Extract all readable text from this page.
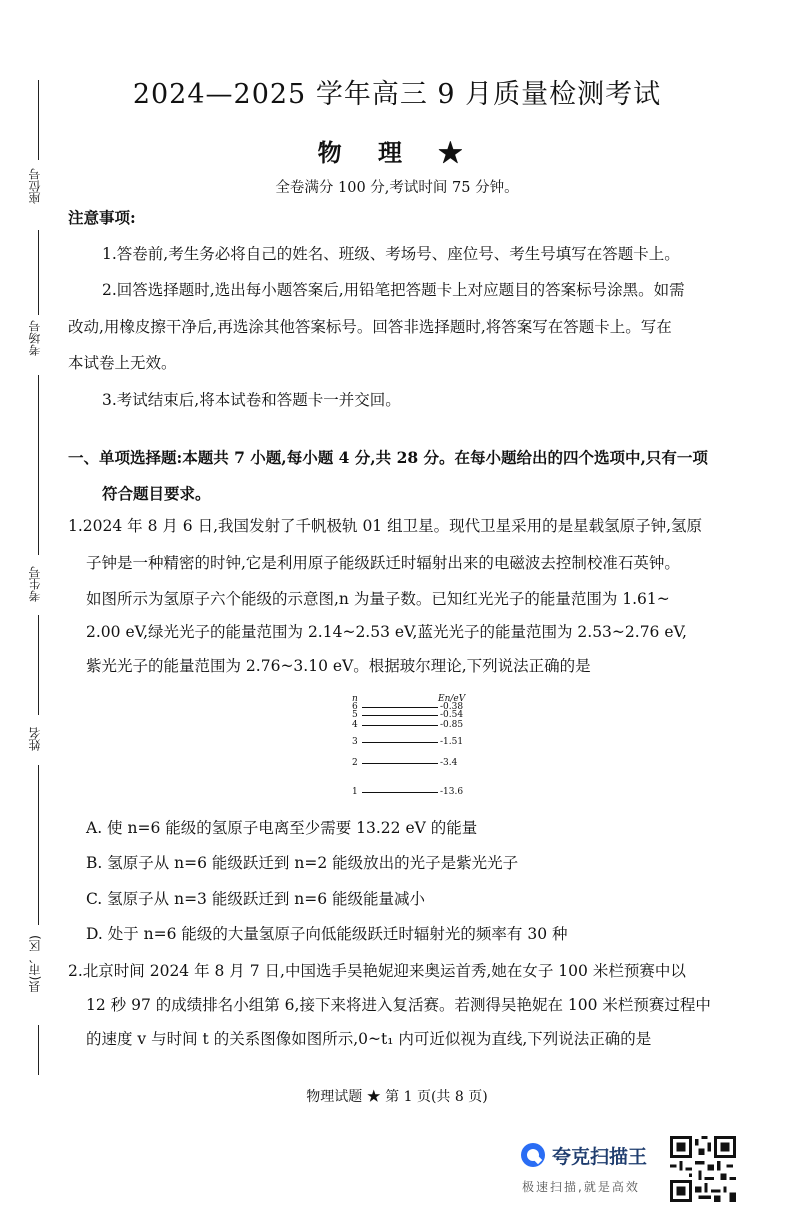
座位号
考场号
考生号
姓名
县(市、区)
2024—2025 学年高三 9 月质量检测考试
物 理 ★
全卷满分 100 分,考试时间 75 分钟。
注意事项:
1.答卷前,考生务必将自己的姓名、班级、考场号、座位号、考生号填写在答题卡上。
2.回答选择题时,选出每小题答案后,用铅笔把答题卡上对应题目的答案标号涂黑。如需
改动,用橡皮擦干净后,再选涂其他答案标号。回答非选择题时,将答案写在答题卡上。写在
本试卷上无效。
3.考试结束后,将本试卷和答题卡一并交回。
一、单项选择题:本题共 7 小题,每小题 4 分,共 28 分。在每小题给出的四个选项中,只有一项
符合题目要求。
1.2024 年 8 月 6 日,我国发射了千帆极轨 01 组卫星。现代卫星采用的是星载氢原子钟,氢原
子钟是一种精密的时钟,它是利用原子能级跃迁时辐射出来的电磁波去控制校准石英钟。
如图所示为氢原子六个能级的示意图,n 为量子数。已知红光光子的能量范围为 1.61~
2.00 eV,绿光光子的能量范围为 2.14~2.53 eV,蓝光光子的能量范围为 2.53~2.76 eV,
紫光光子的能量范围为 2.76~3.10 eV。根据玻尔理论,下列说法正确的是
n	En/eV
6	-0.38
5	-0.54
4	-0.85
3	-1.51
2	-3.4
1	-13.6
A. 使 n=6 能级的氢原子电离至少需要 13.22 eV 的能量
B. 氢原子从 n=6 能级跃迁到 n=2 能级放出的光子是紫光光子
C. 氢原子从 n=3 能级跃迁到 n=6 能级能量减小
D. 处于 n=6 能级的大量氢原子向低能级跃迁时辐射光的频率有 30 种
2.北京时间 2024 年 8 月 7 日,中国选手吴艳妮迎来奥运首秀,她在女子 100 米栏预赛中以
12 秒 97 的成绩排名小组第 6,接下来将进入复活赛。若测得吴艳妮在 100 米栏预赛过程中
的速度 v 与时间 t 的关系图像如图所示,0~t₁ 内可近似视为直线,下列说法正确的是
物理试题 ★ 第 1 页(共 8 页)
夸克扫描王
极速扫描,就是高效
